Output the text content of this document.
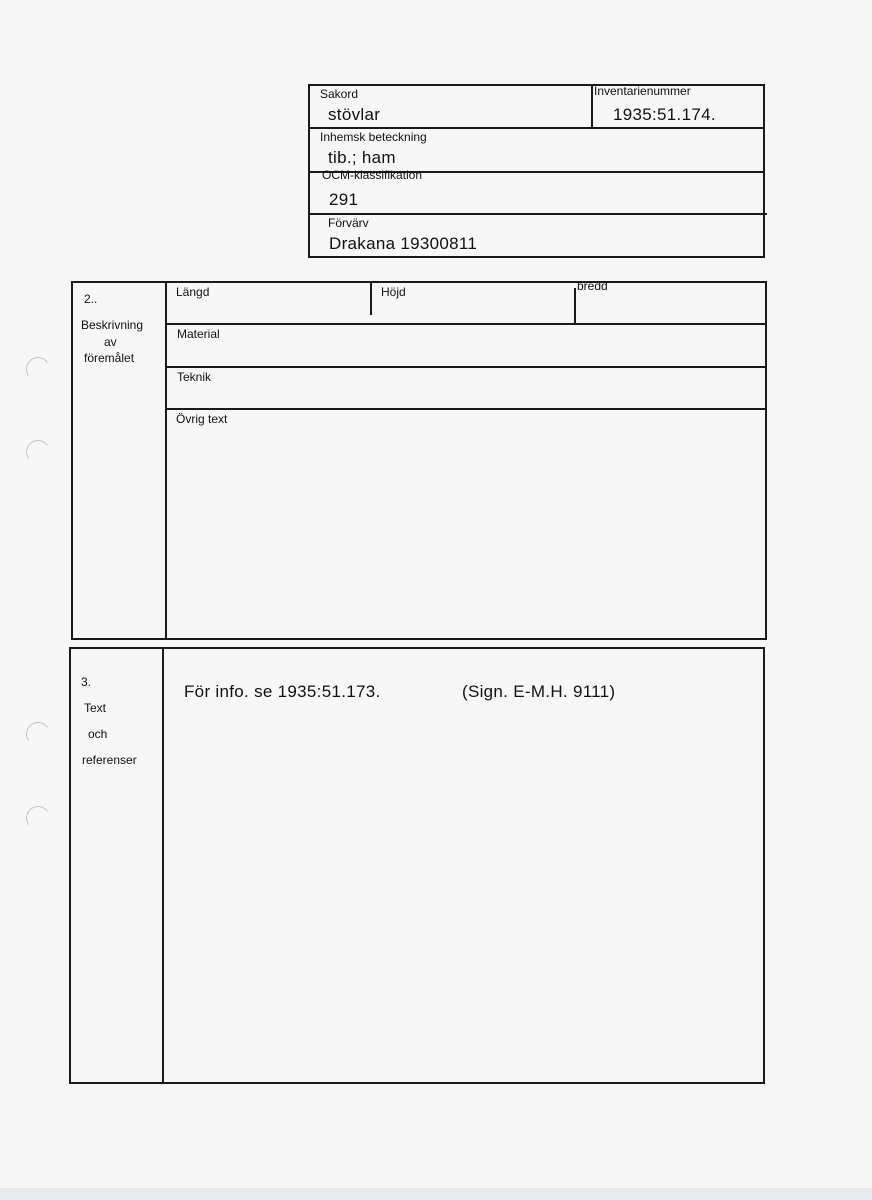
Sakord
stövlar
Inventarienummer
1935:51.174.
Inhemsk beteckning
tib.; ham
OCM-klassifikation
291
Förvärv
Drakana 19300811
2..
Beskrivning
av
föremålet
Längd	Höjd	bredd
Material
Teknik
Övrig text
3.
Text
och
referenser
För info. se 1935:51.173.	(Sign. E-M.H. 9111)
